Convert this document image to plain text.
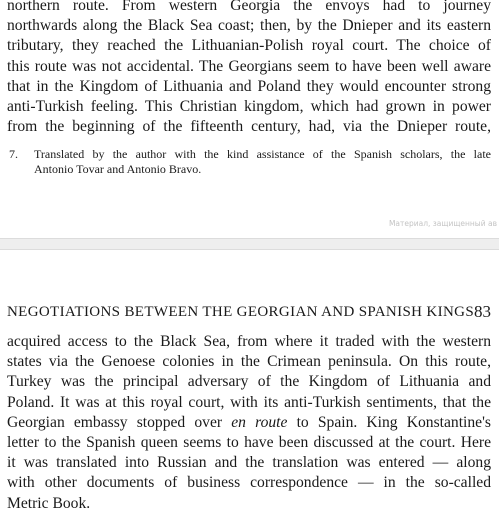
northern route. From western Georgia the envoys had to journey
northwards along the Black Sea coast; then, by the Dnieper and its eastern
tributary, they reached the Lithuanian-Polish royal court. The choice of
this route was not accidental. The Georgians seem to have been well aware
that in the Kingdom of Lithuania and Poland they would encounter strong
anti-Turkish feeling. This Christian kingdom, which had grown in power
from the beginning of the fifteenth century, had, via the Dnieper route,
7. Translated by the author with the kind assistance of the Spanish scholars, the late
Antonio Tovar and Antonio Bravo.
Материал, защищенный ав
NEGOTIATIONS BETWEEN THE GEORGIAN AND SPANISH KINGS 83
acquired access to the Black Sea, from where it traded with the western
states via the Genoese colonies in the Crimean peninsula. On this route,
Turkey was the principal adversary of the Kingdom of Lithuania and
Poland. It was at this royal court, with its anti-Turkish sentiments, that the
Georgian embassy stopped over en route to Spain. King Konstantine's
letter to the Spanish queen seems to have been discussed at the court. Here
it was translated into Russian and the translation was entered — along
with other documents of business correspondence — in the so-called
Metric Book.
